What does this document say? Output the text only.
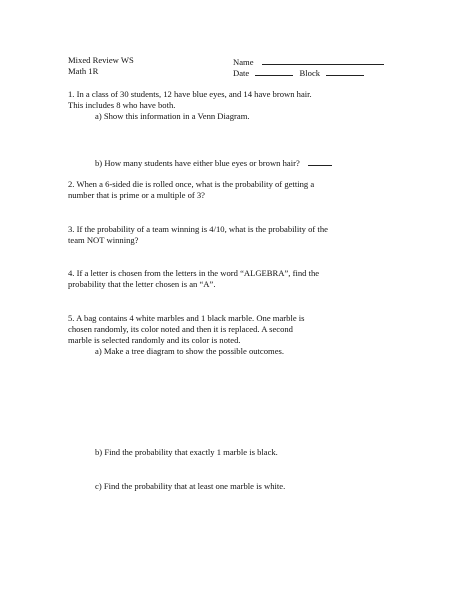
Mixed Review WS
Math 1R
Name
Date	Block
1. In a class of 30 students, 12 have blue eyes, and 14 have brown hair.
This includes 8 who have both.
a) Show this information in a Venn Diagram.
b) How many students have either blue eyes or brown hair?
2. When a 6-sided die is rolled once, what is the probability of getting a
number that is prime or a multiple of 3?
3. If the probability of a team winning is 4/10, what is the probability of the
team NOT winning?
4. If a letter is chosen from the letters in the word “ALGEBRA”, find the
probability that the letter chosen is an “A”.
5. A bag contains 4 white marbles and 1 black marble. One marble is
chosen randomly, its color noted and then it is replaced. A second
marble is selected randomly and its color is noted.
a) Make a tree diagram to show the possible outcomes.
b) Find the probability that exactly 1 marble is black.
c) Find the probability that at least one marble is white.
